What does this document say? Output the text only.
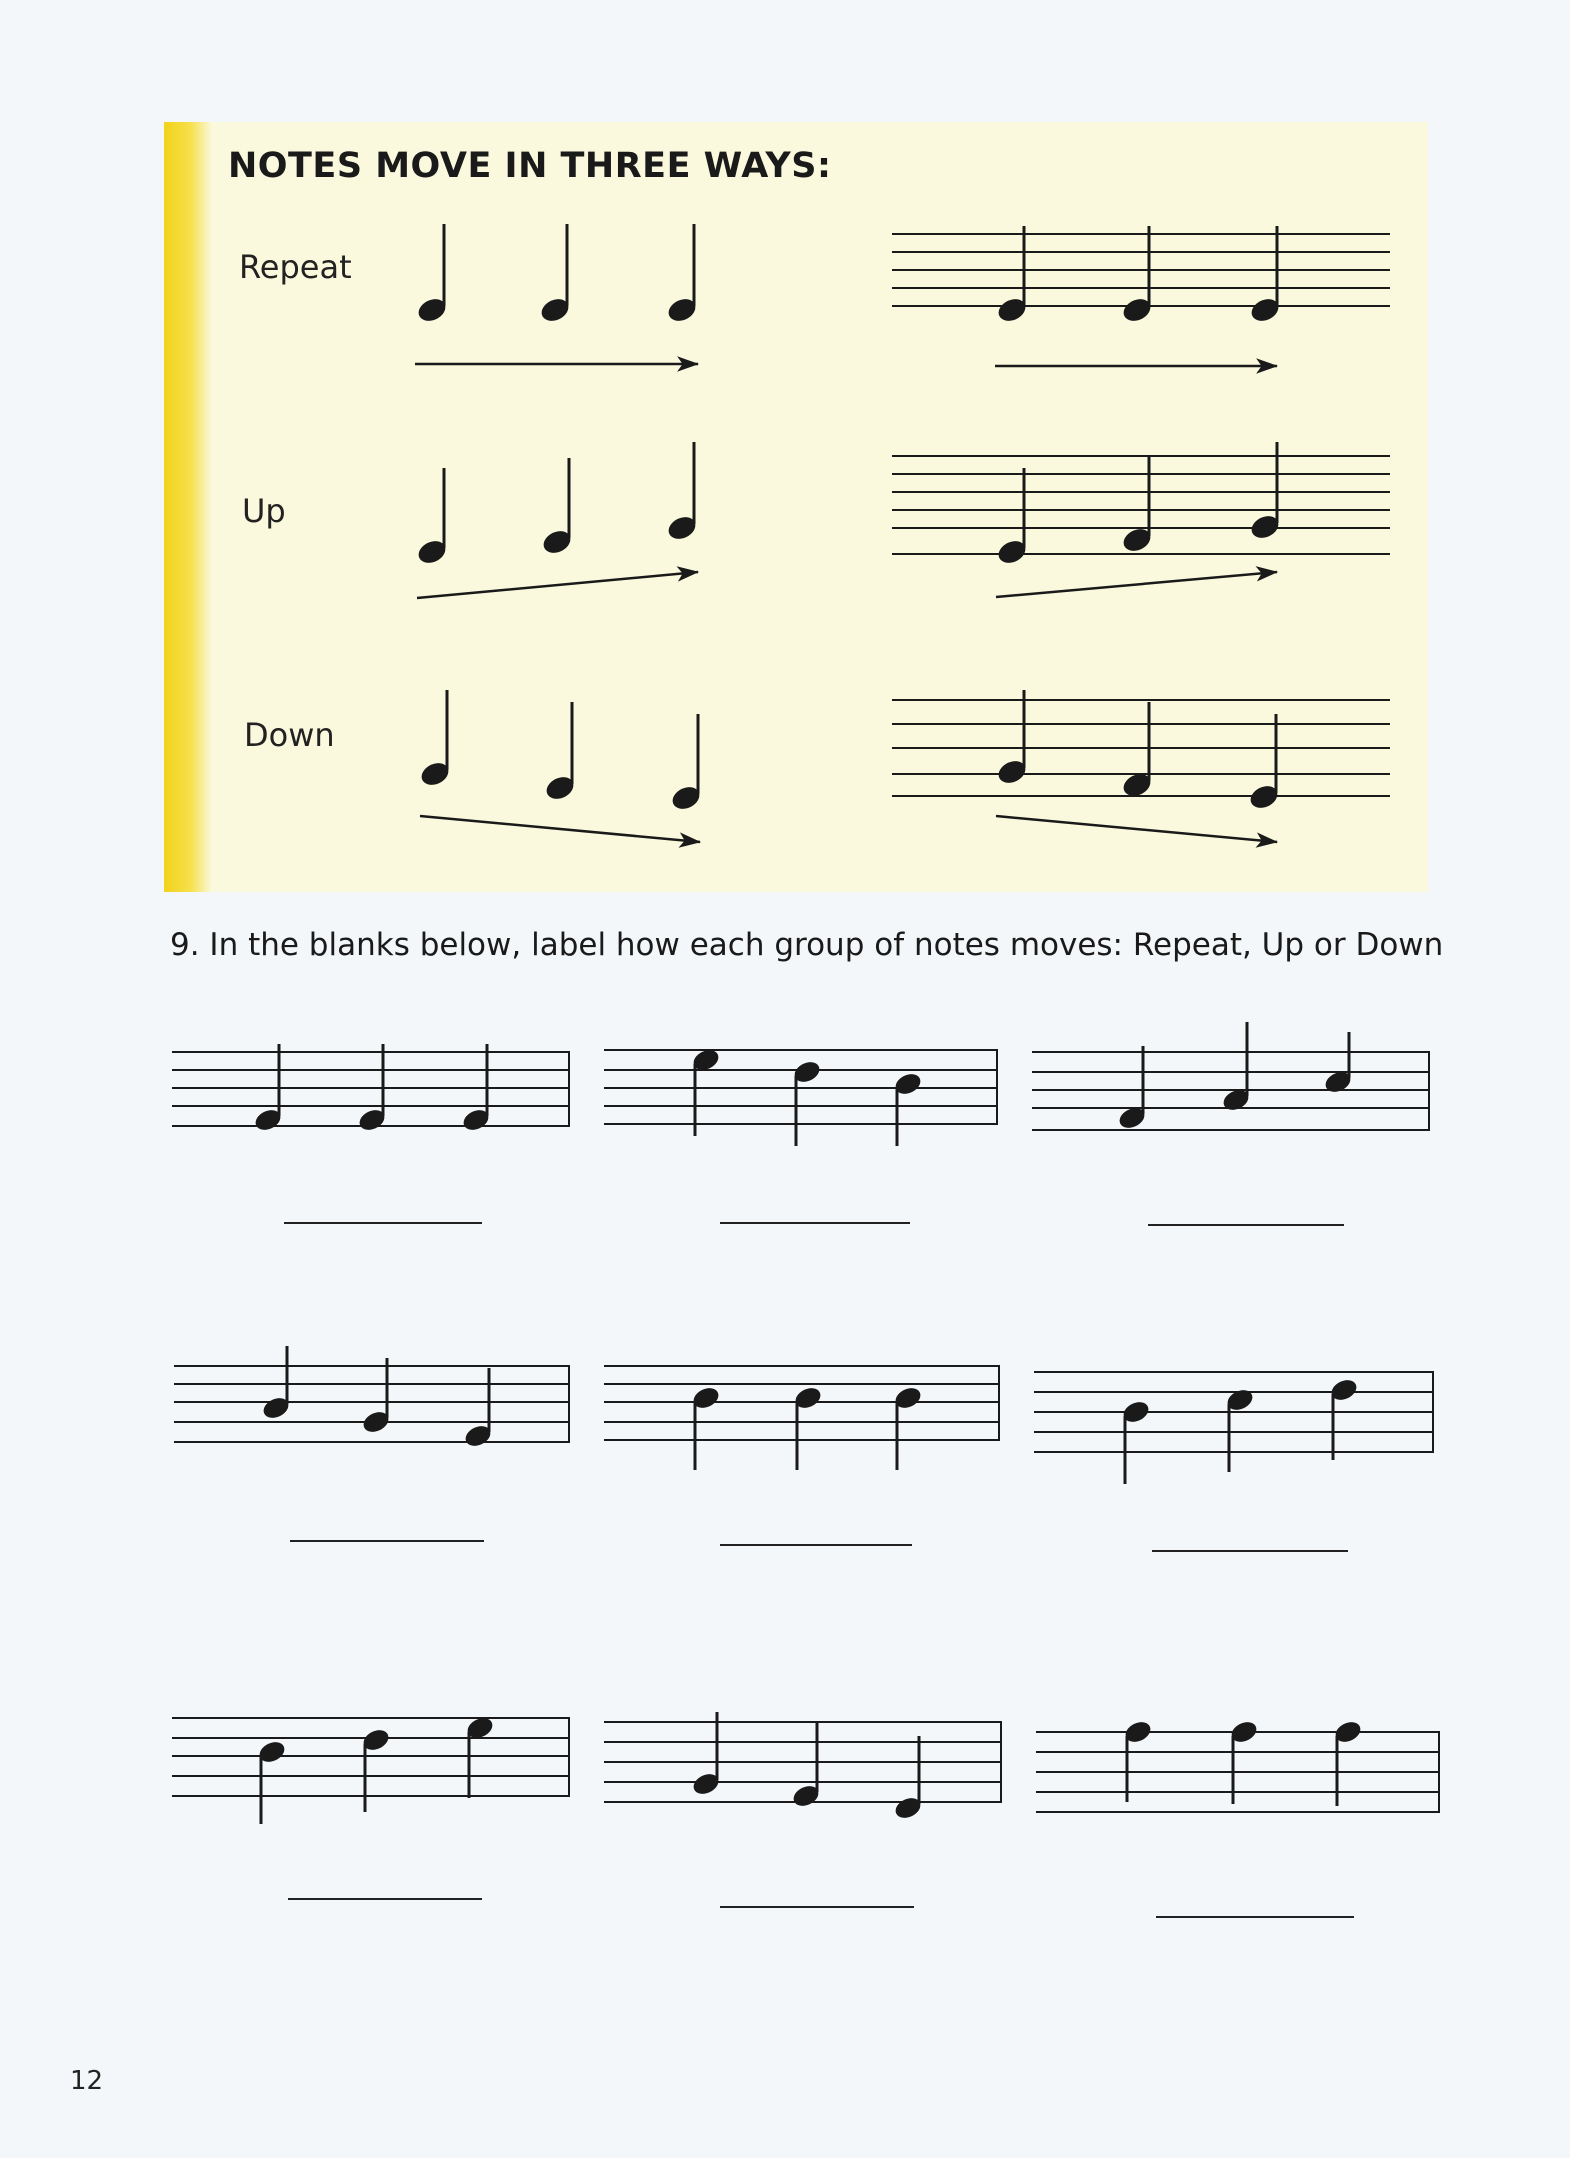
NOTES MOVE IN THREE WAYS:

Repeat

Up

Down

9. In the blanks below, label how each group of notes moves: Repeat, Up or Down

12
